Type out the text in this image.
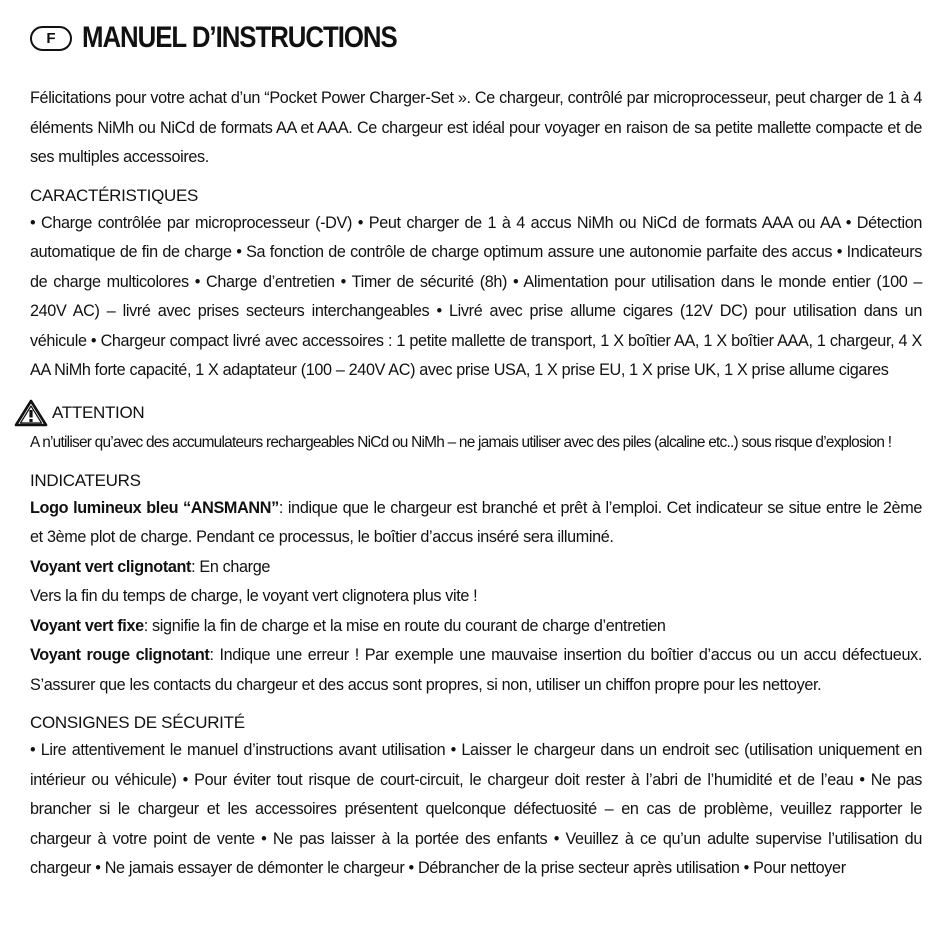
F MANUEL D’INSTRUCTIONS

Félicitations pour votre achat d’un “Pocket Power Charger-Set ». Ce chargeur, contrôlé par microprocesseur, peut charger de 1 à 4 éléments NiMh ou NiCd de formats AA et AAA. Ce chargeur est idéal pour voyager en raison de sa petite mallette compacte et de ses multiples accessoires.

CARACTÉRISTIQUES

• Charge contrôlée par microprocesseur (-DV) • Peut charger de 1 à 4 accus NiMh ou NiCd de formats AAA ou AA • Détection automatique de fin de charge • Sa fonction de contrôle de charge optimum assure une autonomie parfaite des accus • Indicateurs de charge multicolores • Charge d’entretien • Timer de sécurité (8h) • Alimentation pour utilisation dans le monde entier (100 – 240V AC) – livré avec prises secteurs interchangeables • Livré avec prise allume cigares (12V DC) pour utilisation dans un véhicule • Chargeur compact livré avec accessoires : 1 petite mallette de transport, 1 X boîtier AA, 1 X boîtier AAA, 1 chargeur, 4 X AA NiMh forte capacité, 1 X adaptateur (100 – 240V AC) avec prise USA, 1 X prise EU, 1 X prise UK, 1 X prise allume cigares

ATTENTION

A n’utiliser qu’avec des accumulateurs rechargeables NiCd ou NiMh – ne jamais utiliser avec des piles (alcaline etc..) sous risque d’explosion !

INDICATEURS

Logo lumineux bleu “ANSMANN”: indique que le chargeur est branché et prêt à l’emploi. Cet indicateur se situe entre le 2ème et 3ème plot de charge. Pendant ce processus, le boîtier d’accus inséré sera illuminé.

Voyant vert clignotant: En charge
Vers la fin du temps de charge, le voyant vert clignotera plus vite !
Voyant vert fixe: signifie la fin de charge et la mise en route du courant de charge d’entretien

Voyant rouge clignotant: Indique une erreur ! Par exemple une mauvaise insertion du boîtier d’accus ou un accu défectueux. S’assurer que les contacts du chargeur et des accus sont propres, si non, utiliser un chiffon propre pour les nettoyer.

CONSIGNES DE SÉCURITÉ

• Lire attentivement le manuel d’instructions avant utilisation • Laisser le chargeur dans un endroit sec (utilisation uniquement en intérieur ou véhicule) • Pour éviter tout risque de court-circuit, le chargeur doit rester à l’abri de l’humidité et de l’eau • Ne pas brancher si le chargeur et les accessoires présentent quelconque défectuosité – en cas de problème, veuillez rapporter le chargeur à votre point de vente • Ne pas laisser à la portée des enfants • Veuillez à ce qu’un adulte supervise l’utilisation du chargeur • Ne jamais essayer de démonter le chargeur • Débrancher de la prise secteur après utilisation • Pour nettoyer
